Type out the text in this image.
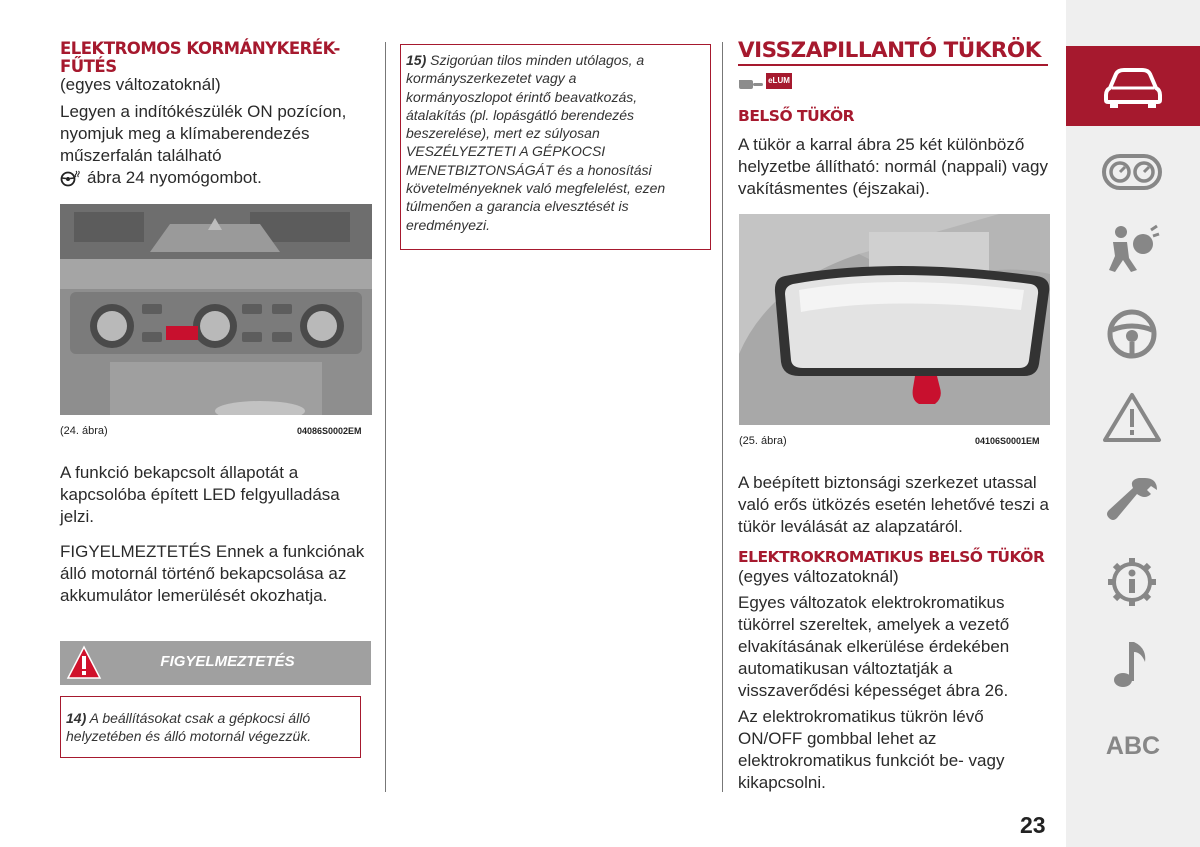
ELEKTROMOS KORMÁNYKERÉK-FŰTÉS
(egyes változatoknál)
Legyen a indítókészülék ON pozícíon,
nyomjuk meg a klímaberendezés
műszerfalán található
ábra 24 nyomógombot.
(24. ábra)	04086S0002EM
A funkció bekapcsolt állapotát a
kapcsolóba épített LED felgyulladása
jelzi.
FIGYELMEZTETÉS Ennek a funkciónak
álló motornál történő bekapcsolása az
akkumulátor lemerülését okozhatja.
FIGYELMEZTETÉS
14) A beállításokat csak a gépkocsi álló
helyzetében és álló motornál végezzük.
15) Szigorúan tilos minden utólagos, a
kormányszerkezetet vagy a
kormányoszlopot érintő beavatkozás,
átalakítás (pl. lopásgátló berendezés
beszerelése), mert ez súlyosan
VESZÉLYEZTETI A GÉPKOCSI
MENETBIZTONSÁGÁT és a honosítási
követelményeknek való megfelelést, ezen
túlmenően a garancia elvesztését is
eredményezi.
VISSZAPILLANTÓ TÜKRÖK
eLUM
BELSŐ TÜKÖR
A tükör a karral ábra 25 két különböző
helyzetbe állítható: normál (nappali) vagy
vakításmentes (éjszakai).
(25. ábra)	04106S0001EM
A beépített biztonsági szerkezet utassal
való erős ütközés esetén lehetővé teszi a
tükör leválását az alapzatáról.
ELEKTROKROMATIKUS BELSŐ TÜKÖR
(egyes változatoknál)
Egyes változatok elektrokromatikus
tükörrel szereltek, amelyek a vezető
elvakításának elkerülése érdekében
automatikusan változtatják a
visszaverődési képességet ábra 26.
Az elektrokromatikus tükrön lévő
ON/OFF gombbal lehet az
elektrokromatikus funkciót be- vagy
kikapcsolni.
23
ABC
